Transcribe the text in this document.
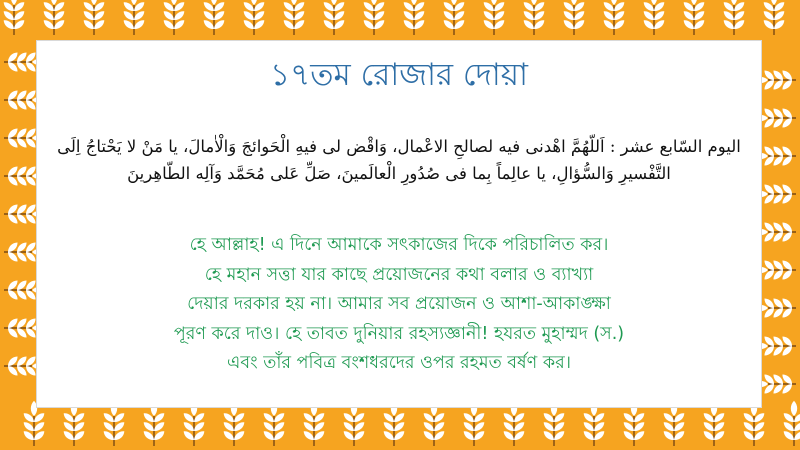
১৭তম রোজার দোয়া

اليوم السّابع عشر : اَللّهُمَّ اهْدنى فيه لصالحِ الاعْمال، وَاقْض لى فيهِ الْحَوائجَ وَالْاٰمالَ، يا مَنْ لا يَحْتاجُ اِلَى التَّفْسيرِ وَالسُّؤالِ، يا عالِماً بِما فى صُدُورِ الْعالَمينَ، صَلِّ عَلى مُحَمَّد وَآلِه الطّاهِرينَ

হে আল্লাহ! এ দিনে আমাকে সৎকাজের দিকে পরিচালিত কর।
হে মহান সত্তা যার কাছে প্রয়োজনের কথা বলার ও ব্যাখ্যা
দেয়ার দরকার হয় না। আমার সব প্রয়োজন ও আশা-আকাঙ্ক্ষা
পূরণ করে দাও। হে তাবত দুনিয়ার রহস্যজ্ঞানী! হযরত মুহাম্মদ (স.)
এবং তাঁর পবিত্র বংশধরদের ওপর রহমত বর্ষণ কর।
